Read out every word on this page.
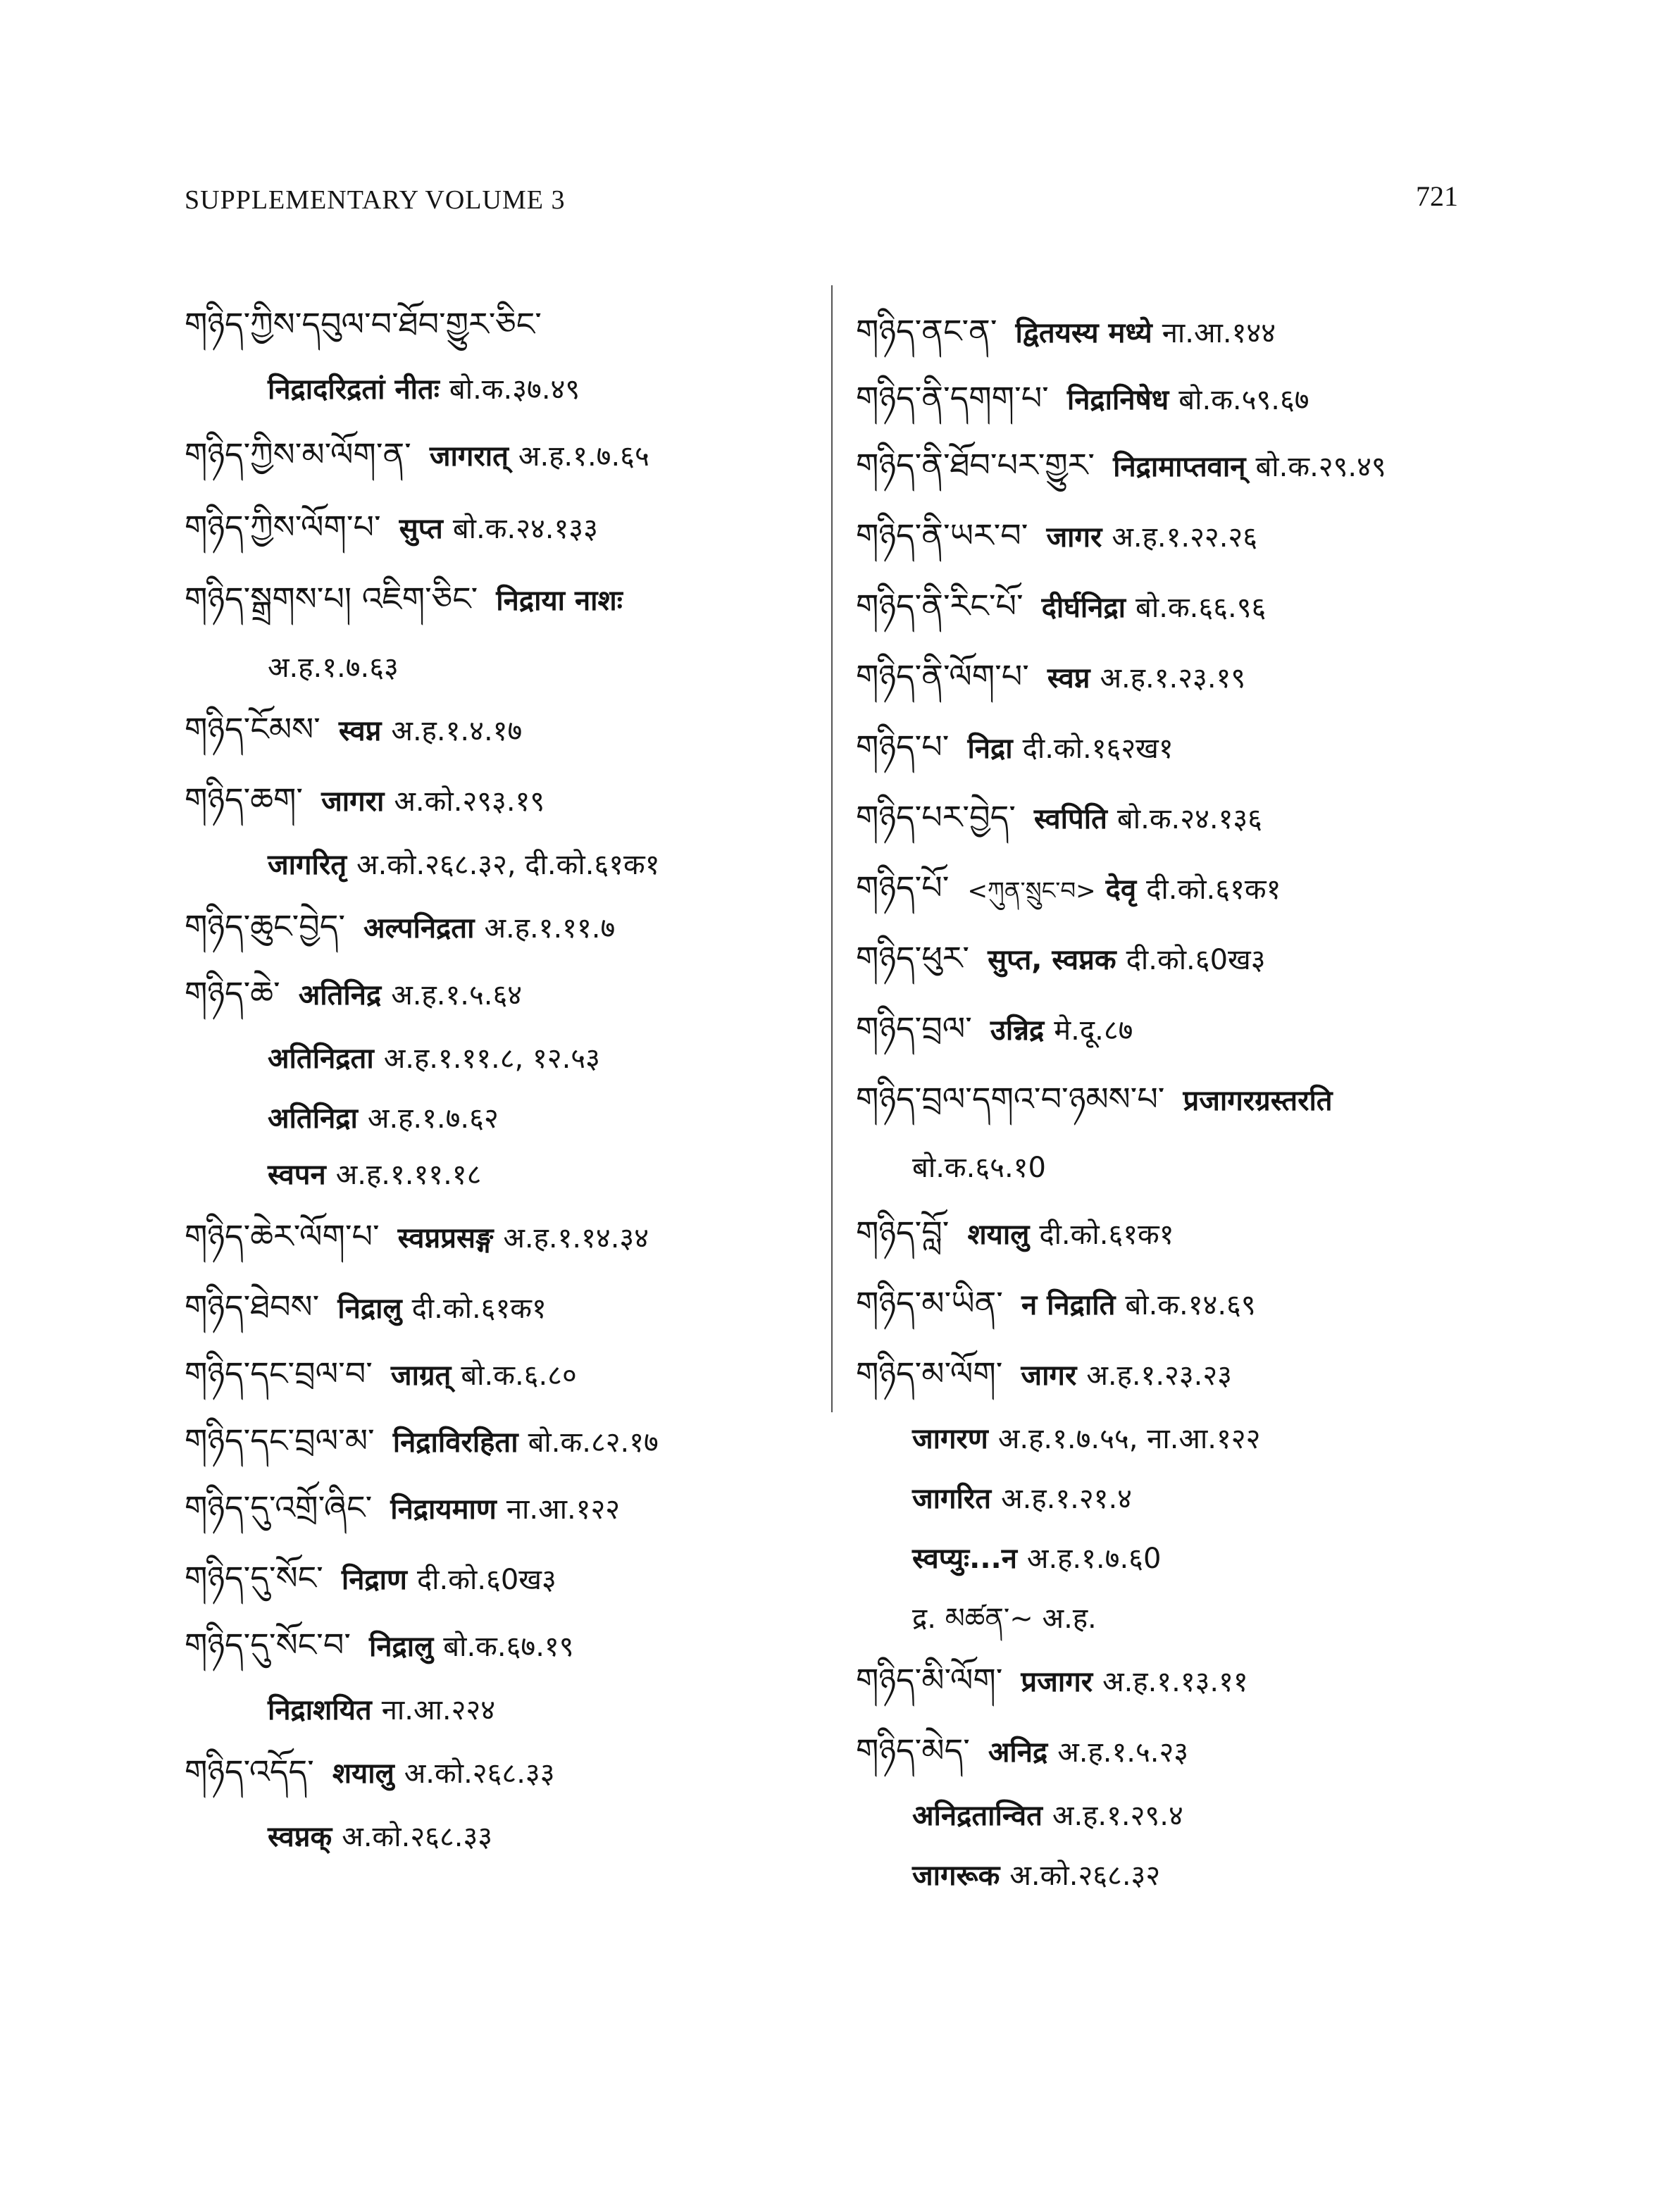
SUPPLEMENTARY VOLUME 3	721
གཉིད་ཀྱིས་དབུལ་བ་ཐོབ་གྱུར་ཅིང་
निद्रादरिद्रतां नीतः बो.क.३७.४९
གཉིད་ཀྱིས་མ་ལོག་ན་ जागरात् अ.ह.१.७.६५
གཉིད་ཀྱིས་ལོག་པ་ सुप्त बो.क.२४.१३३
གཉིད་སྒྲགས་པ། འཇིག་ཅིང་ निद्राया नाशः
अ.ह.१.७.६३
གཉིད་ངོམས་ स्वप्न अ.ह.१.४.१७
གཉིད་ཆག་ जागरा अ.को.२९३.१९
जागरितृ अ.को.२६८.३२, दी.को.६१क१
གཉིད་ཆུང་བྱེད་ अल्पनिद्रता अ.ह.१.११.७
གཉིད་ཆེ་ अतिनिद्र अ.ह.१.५.६४
अतिनिद्रता अ.ह.१.११.८, १२.५३
अतिनिद्रा अ.ह.१.७.६२
स्वपन अ.ह.१.११.१८
གཉིད་ཆེར་ལོག་པ་ स्वप्नप्रसङ्ग अ.ह.१.१४.३४
གཉིད་ཐེབས་ निद्रालु दी.को.६१क१
གཉིད་དང་བྲལ་བ་ जाग्रत् बो.क.६.८०
གཉིད་དང་བྲལ་མ་ निद्राविरहिता बो.क.८२.१७
གཉིད་དུ་འགྲོ་ཞིང་ निद्रायमाण ना.आ.१२२
གཉིད་དུ་སོང་ निद्राण दी.को.६0ख३
གཉིད་དུ་སོང་བ་ निद्रालु बो.क.६७.१९
निद्राशयित ना.आ.२२४
གཉིད་འདོད་ शयालु अ.को.२६८.३३
स्वप्नक् अ.को.२६८.३३
གཉིད་ནང་ན་ द्वितयस्य मध्ये ना.आ.१४४
གཉིད་ནི་དགག་པ་ निद्रानिषेध बो.क.५९.६७
གཉིད་ནི་ཐོབ་པར་གྱུར་ निद्रामाप्तवान् बो.क.२९.४९
གཉིད་ནི་ཡར་བ་ जागर अ.ह.१.२२.२६
གཉིད་ནི་རིང་པོ་ दीर्घनिद्रा बो.क.६६.९६
གཉིད་ནི་ལོག་པ་ स्वप्न अ.ह.१.२३.१९
གཉིད་པ་ निद्रा दी.को.१६२ख१
གཉིད་པར་བྱེད་ स्वपिति बो.क.२४.१३६
གཉིད་པོ་ <ཀུན་སྲུང་བ> देवृ दी.को.६१क१
གཉིད་ཕུར་ सुप्त, स्वप्नक दी.को.६0ख३
གཉིད་བྲལ་ उन्निद्र मे.दू.८७
གཉིད་བྲལ་དགའ་བ་ཉམས་པ་ प्रजागरग्रस्तरति
बो.क.६५.१0
གཉིད་བློ་ शयालु दी.को.६१क१
གཉིད་མ་ཡིན་ न निद्राति बो.क.१४.६९
གཉིད་མ་ལོག་ जागर अ.ह.१.२३.२३
जागरण अ.ह.१.७.५५, ना.आ.१२२
जागरित अ.ह.१.२१.४
स्वप्युः...न अ.ह.१.७.६0
द्र. མཚན་~ अ.ह.
གཉིད་མི་ལོག་ प्रजागर अ.ह.१.१३.११
གཉིད་མེད་ अनिद्र अ.ह.१.५.२३
अनिद्रतान्वित अ.ह.१.२९.४
जागरूक अ.को.२६८.३२
